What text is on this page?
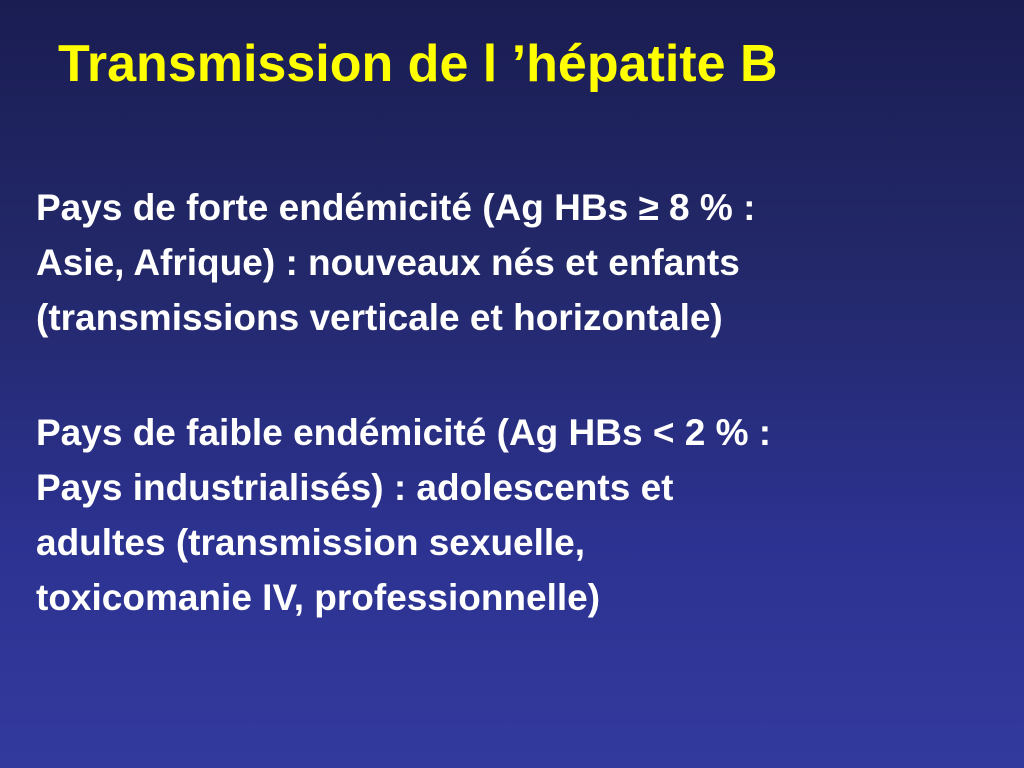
Transmission de l ’hépatite B
Pays de forte endémicité (Ag HBs ≥ 8 % :
Asie, Afrique) : nouveaux nés et enfants
(transmissions verticale et horizontale)
Pays de faible endémicité (Ag HBs < 2 % :
Pays industrialisés) : adolescents et
adultes (transmission sexuelle,
toxicomanie IV, professionnelle)
